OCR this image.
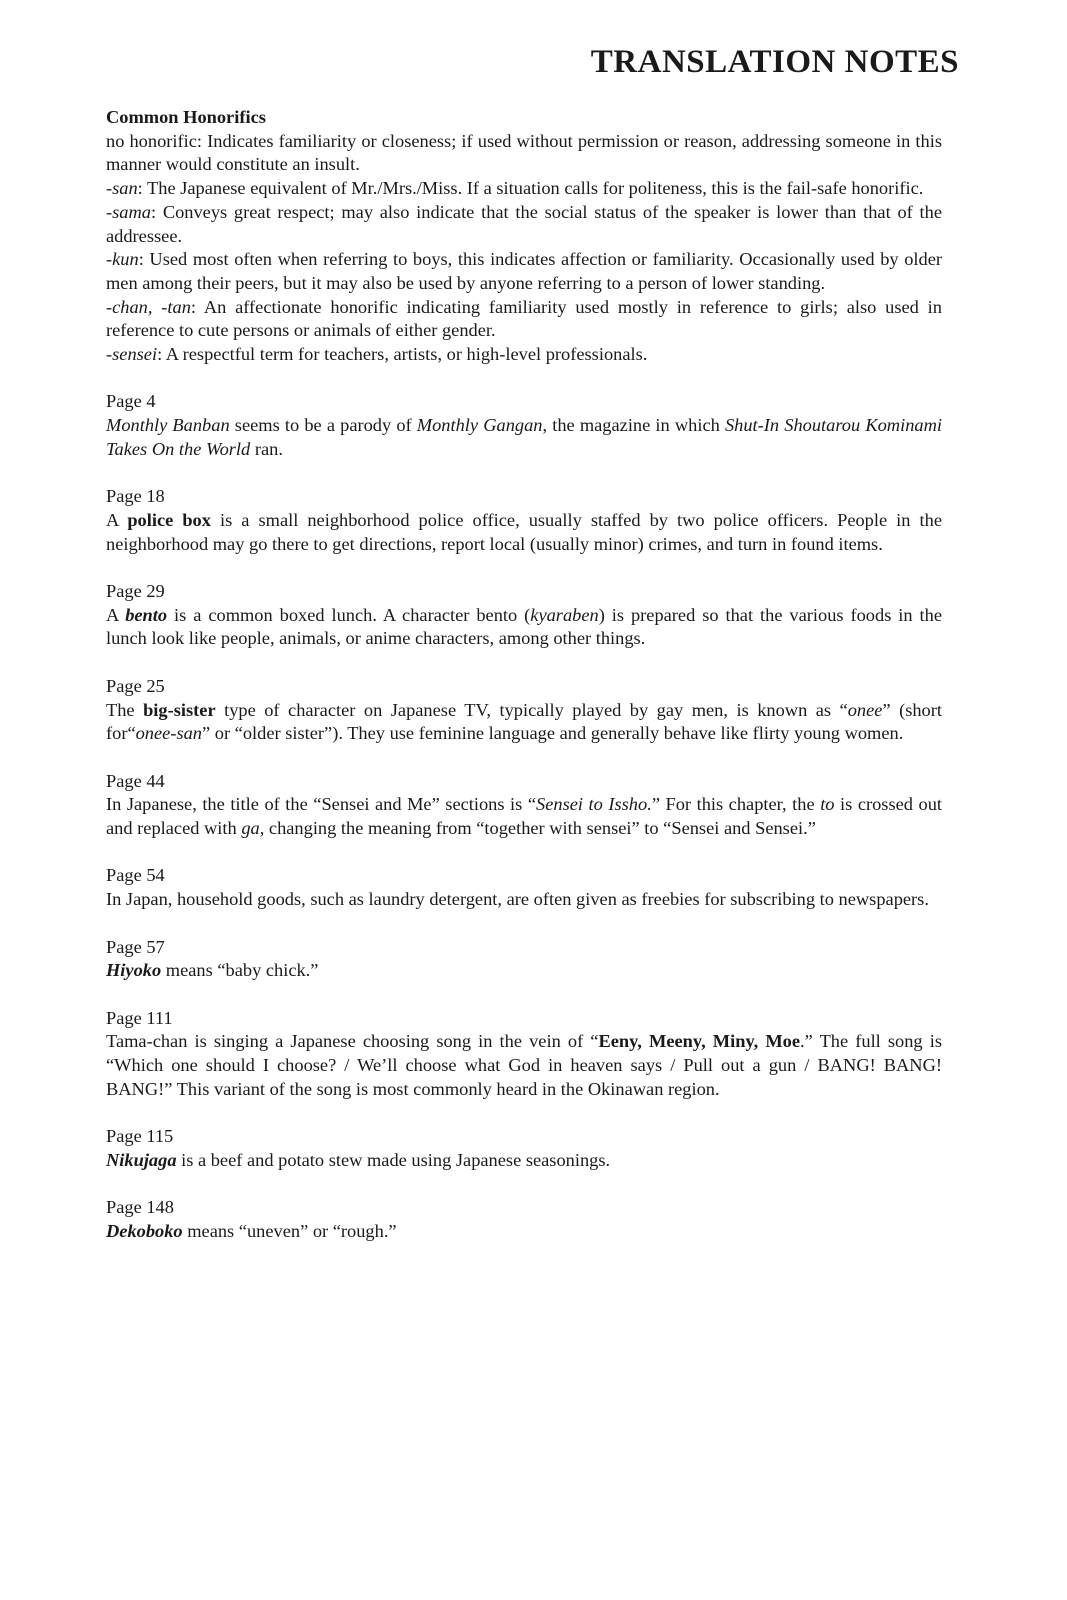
TRANSLATION NOTES

Common Honorifics

no honorific: Indicates familiarity or closeness; if used without permission or reason, addressing someone in this manner would constitute an insult.

-san: The Japanese equivalent of Mr./Mrs./Miss. If a situation calls for politeness, this is the fail-safe honorific.

-sama: Conveys great respect; may also indicate that the social status of the speaker is lower than that of the addressee.

-kun: Used most often when referring to boys, this indicates affection or familiarity. Occasionally used by older men among their peers, but it may also be used by anyone referring to a person of lower standing.

-chan, -tan: An affectionate honorific indicating familiarity used mostly in reference to girls; also used in reference to cute persons or animals of either gender.

-sensei: A respectful term for teachers, artists, or high-level professionals.

Page 4

Monthly Banban seems to be a parody of Monthly Gangan, the magazine in which Shut-In Shoutarou Kominami Takes On the World ran.

Page 18

A police box is a small neighborhood police office, usually staffed by two police officers. People in the neighborhood may go there to get directions, report local (usually minor) crimes, and turn in found items.

Page 29

A bento is a common boxed lunch. A character bento (kyaraben) is prepared so that the various foods in the lunch look like people, animals, or anime characters, among other things.

Page 25

The big-sister type of character on Japanese TV, typically played by gay men, is known as “onee” (short for“onee-san” or “older sister”). They use feminine language and generally behave like flirty young women.

Page 44

In Japanese, the title of the “Sensei and Me” sections is “Sensei to Issho.” For this chapter, the to is crossed out and replaced with ga, changing the meaning from “together with sensei” to “Sensei and Sensei.”

Page 54

In Japan, household goods, such as laundry detergent, are often given as freebies for subscribing to newspapers.

Page 57

Hiyoko means “baby chick.”

Page 111

Tama-chan is singing a Japanese choosing song in the vein of “Eeny, Meeny, Miny, Moe.” The full song is “Which one should I choose? / We’ll choose what God in heaven says / Pull out a gun / BANG! BANG! BANG!” This variant of the song is most commonly heard in the Okinawan region.

Page 115

Nikujaga is a beef and potato stew made using Japanese seasonings.

Page 148

Dekoboko means “uneven” or “rough.”
